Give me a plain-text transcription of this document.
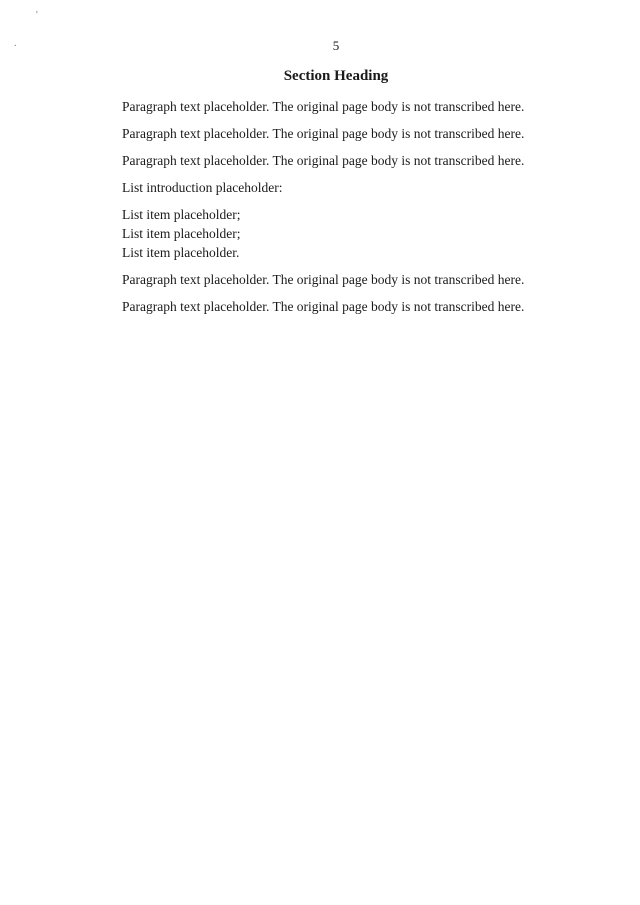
5
Section Heading

Paragraph text placeholder. The original page body is not transcribed here.

Paragraph text placeholder. The original page body is not transcribed here.

Paragraph text placeholder. The original page body is not transcribed here.

List introduction placeholder:

List item placeholder;
List item placeholder;
List item placeholder.

Paragraph text placeholder. The original page body is not transcribed here.

Paragraph text placeholder. The original page body is not transcribed here.

'
.
